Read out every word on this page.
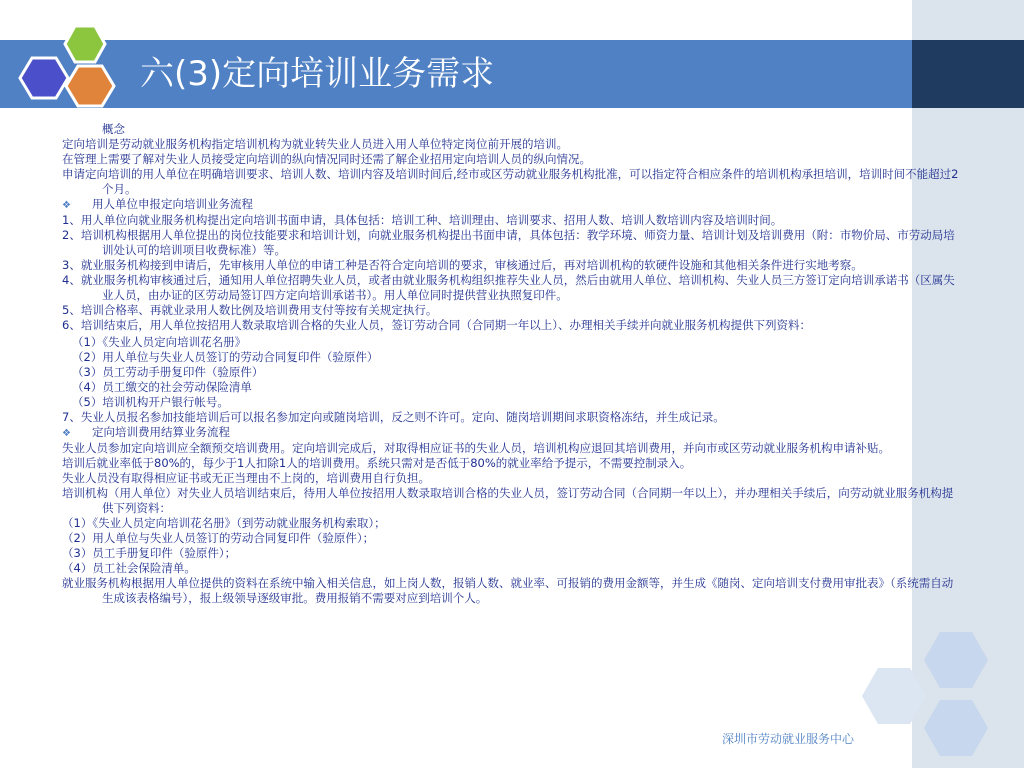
六(3)定向培训业务需求
概念
定向培训是劳动就业服务机构指定培训机构为就业转失业人员进入用人单位特定岗位前开展的培训。
在管理上需要了解对失业人员接受定向培训的纵向情况同时还需了解企业招用定向培训人员的纵向情况。
申请定向培训的用人单位在明确培训要求、培训人数、培训内容及培训时间后,经市或区劳动就业服务机构批准，可以指定符合相应条件的培训机构承担培训，培训时间不能超过2个月。
❖ 用人单位申报定向培训业务流程
1、用人单位向就业服务机构提出定向培训书面申请，具体包括：培训工种、培训理由、培训要求、招用人数、培训人数培训内容及培训时间。
2、培训机构根据用人单位提出的岗位技能要求和培训计划，向就业服务机构提出书面申请，具体包括：教学环境、师资力量、培训计划及培训费用（附：市物价局、市劳动局培训处认可的培训项目收费标准）等。
3、就业服务机构接到申请后，先审核用人单位的申请工种是否符合定向培训的要求，审核通过后，再对培训机构的软硬件设施和其他相关条件进行实地考察。
4、就业服务机构审核通过后，通知用人单位招聘失业人员，或者由就业服务机构组织推荐失业人员，然后由就用人单位、培训机构、失业人员三方签订定向培训承诺书（区属失业人员，由办证的区劳动局签订四方定向培训承诺书）。用人单位同时提供营业执照复印件。
5、培训合格率、再就业录用人数比例及培训费用支付等按有关规定执行。
6、培训结束后，用人单位按招用人数录取培训合格的失业人员，签订劳动合同（合同期一年以上）、办理相关手续并向就业服务机构提供下列资料：
（1）《失业人员定向培训花名册》
（2）用人单位与失业人员签订的劳动合同复印件（验原件）
（3）员工劳动手册复印件（验原件）
（4）员工缴交的社会劳动保险清单
（5）培训机构开户银行帐号。
7、失业人员报名参加技能培训后可以报名参加定向或随岗培训，反之则不许可。定向、随岗培训期间求职资格冻结，并生成记录。
❖ 定向培训费用结算业务流程
失业人员参加定向培训应全额预交培训费用。定向培训完成后，对取得相应证书的失业人员，培训机构应退回其培训费用，并向市或区劳动就业服务机构申请补贴。
培训后就业率低于80%的，每少于1人扣除1人的培训费用。系统只需对是否低于80%的就业率给予提示，不需要控制录入。
失业人员没有取得相应证书或无正当理由不上岗的，培训费用自行负担。
培训机构（用人单位）对失业人员培训结束后，待用人单位按招用人数录取培训合格的失业人员，签订劳动合同（合同期一年以上），并办理相关手续后，向劳动就业服务机构提供下列资料：
（1）《失业人员定向培训花名册》（到劳动就业服务机构索取）；
（2）用人单位与失业人员签订的劳动合同复印件（验原件）；
（3）员工手册复印件（验原件）；
（4）员工社会保险清单。
就业服务机构根据用人单位提供的资料在系统中输入相关信息，如上岗人数，报销人数、就业率、可报销的费用金额等，并生成《随岗、定向培训支付费用审批表》（系统需自动生成该表格编号），报上级领导逐级审批。费用报销不需要对应到培训个人。
深圳市劳动就业服务中心
